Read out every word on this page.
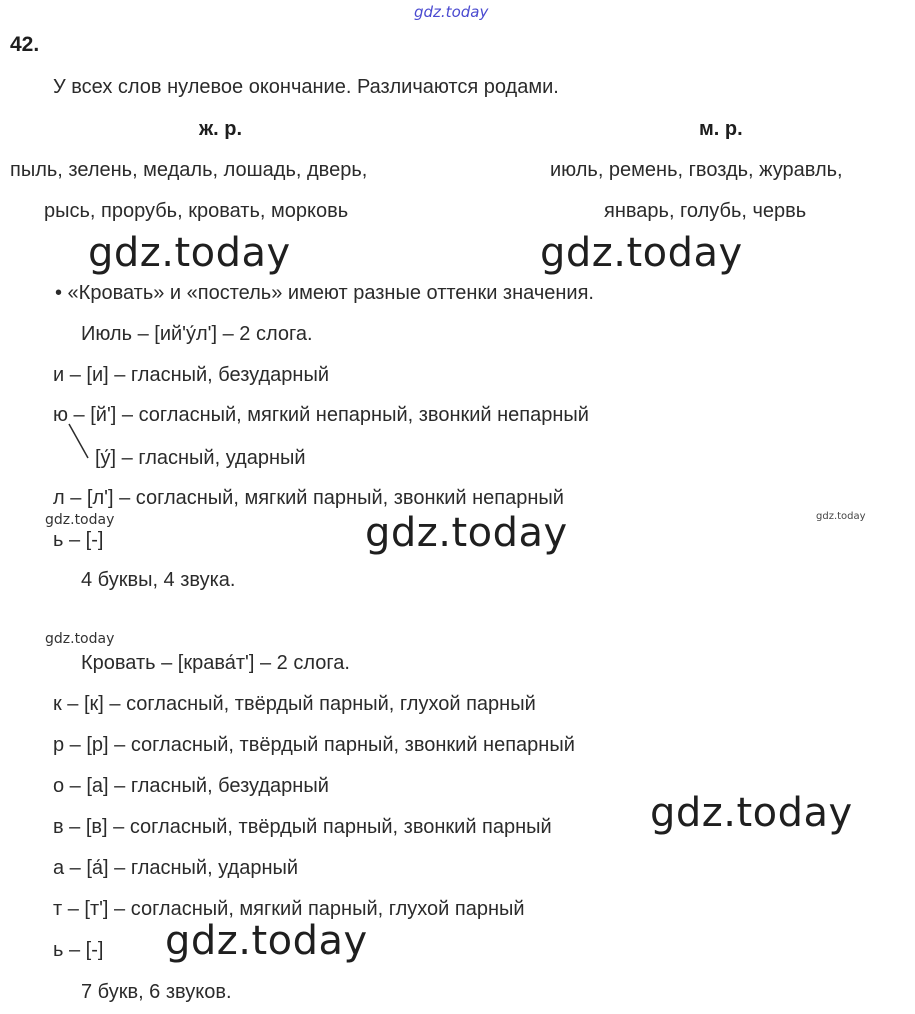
gdz.today
42.
У всех слов нулевое окончание. Различаются родами.
ж. р.	м. р.
пыль, зелень, медаль, лошадь, дверь,	июль, ремень, гвоздь, журавль,
рысь, прорубь, кровать, морковь	январь, голубь, червь
gdz.today	gdz.today
• «Кровать» и «постель» имеют разные оттенки значения.
Июль – [ий'у́л'] – 2 слога.
и – [и] – гласный, безударный
ю – [й'] – согласный, мягкий непарный, звонкий непарный
[у́] – гласный, ударный
л – [л'] – согласный, мягкий парный, звонкий непарный
gdz.today	gdz.today	gdz.today
ь – [-]
4 буквы, 4 звука.
gdz.today
Кровать – [крава́т'] – 2 слога.
к – [к] – согласный, твёрдый парный, глухой парный
р – [р] – согласный, твёрдый парный, звонкий непарный
о – [а] – гласный, безударный
в – [в] – согласный, твёрдый парный, звонкий парный gdz.today
а – [а́] – гласный, ударный
т – [т'] – согласный, мягкий парный, глухой парный
ь – [-] gdz.today
7 букв, 6 звуков.
